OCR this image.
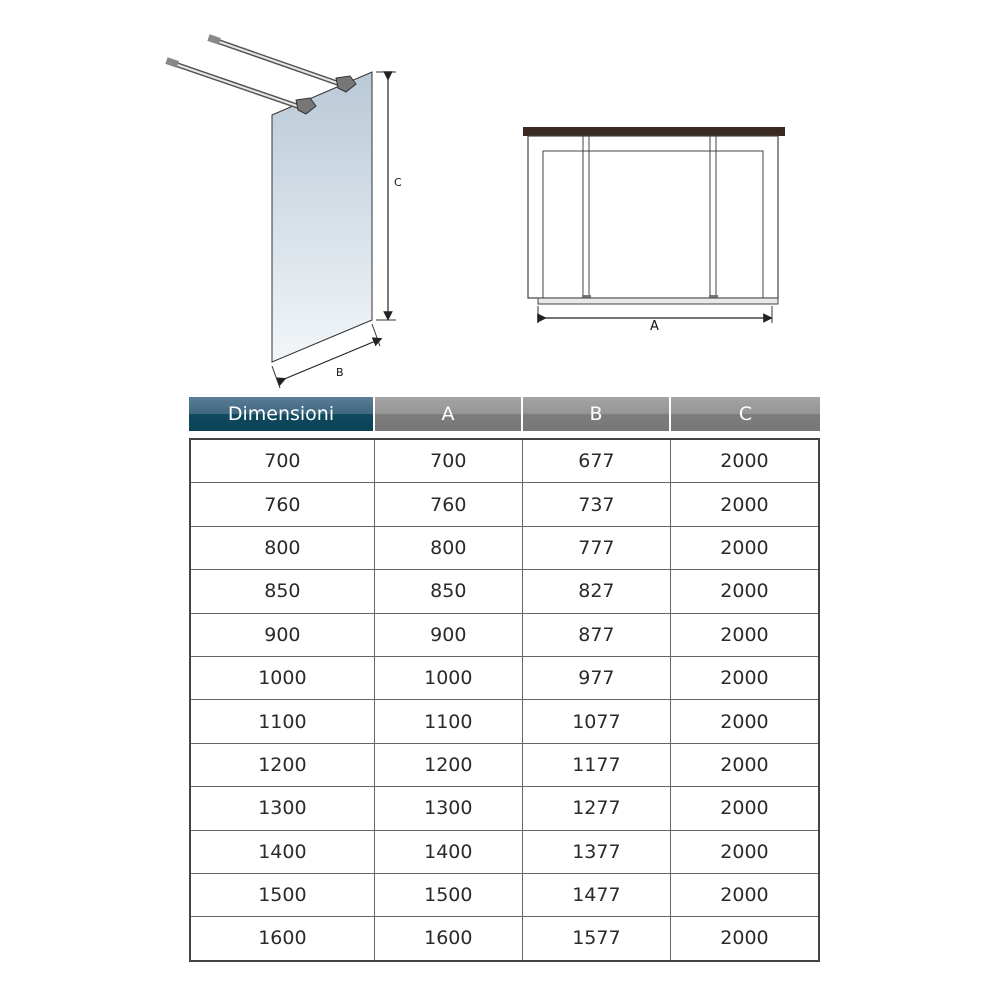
C
B
A
Dimensioni	A	B	C
700	700	677	2000
760	760	737	2000
800	800	777	2000
850	850	827	2000
900	900	877	2000
1000	1000	977	2000
1100	1100	1077	2000
1200	1200	1177	2000
1300	1300	1277	2000
1400	1400	1377	2000
1500	1500	1477	2000
1600	1600	1577	2000
